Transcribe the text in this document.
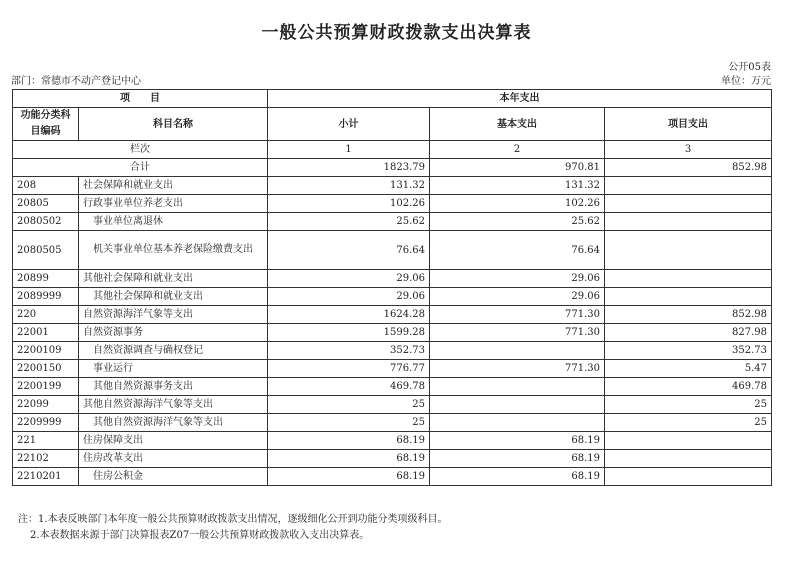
一般公共预算财政拨款支出决算表
公开05表
部门：常德市不动产登记中心	单位：万元
项　　目		本年支出		
功能分类科目编码	科目名称	小计	基本支出	项目支出
栏次		1	2	3
合计		1823.79	970.81	852.98
208	社会保障和就业支出	131.32	131.32	
20805	行政事业单位养老支出	102.26	102.26	
2080502	事业单位离退休	25.62	25.62	
2080505	机关事业单位基本养老保险缴费支出	76.64	76.64	
20899	其他社会保障和就业支出	29.06	29.06	
2089999	其他社会保障和就业支出	29.06	29.06	
220	自然资源海洋气象等支出	1624.28	771.30	852.98
22001	自然资源事务	1599.28	771.30	827.98
2200109	自然资源调查与确权登记	352.73		352.73
2200150	事业运行	776.77	771.30	5.47
2200199	其他自然资源事务支出	469.78		469.78
22099	其他自然资源海洋气象等支出	25		25
2209999	其他自然资源海洋气象等支出	25		25
221	住房保障支出	68.19	68.19	
22102	住房改革支出	68.19	68.19	
2210201	住房公积金	68.19	68.19	
注：1.本表反映部门本年度一般公共预算财政拨款支出情况，逐级细化公开到功能分类项级科目。
2.本表数据来源于部门决算报表Z07一般公共预算财政拨款收入支出决算表。
